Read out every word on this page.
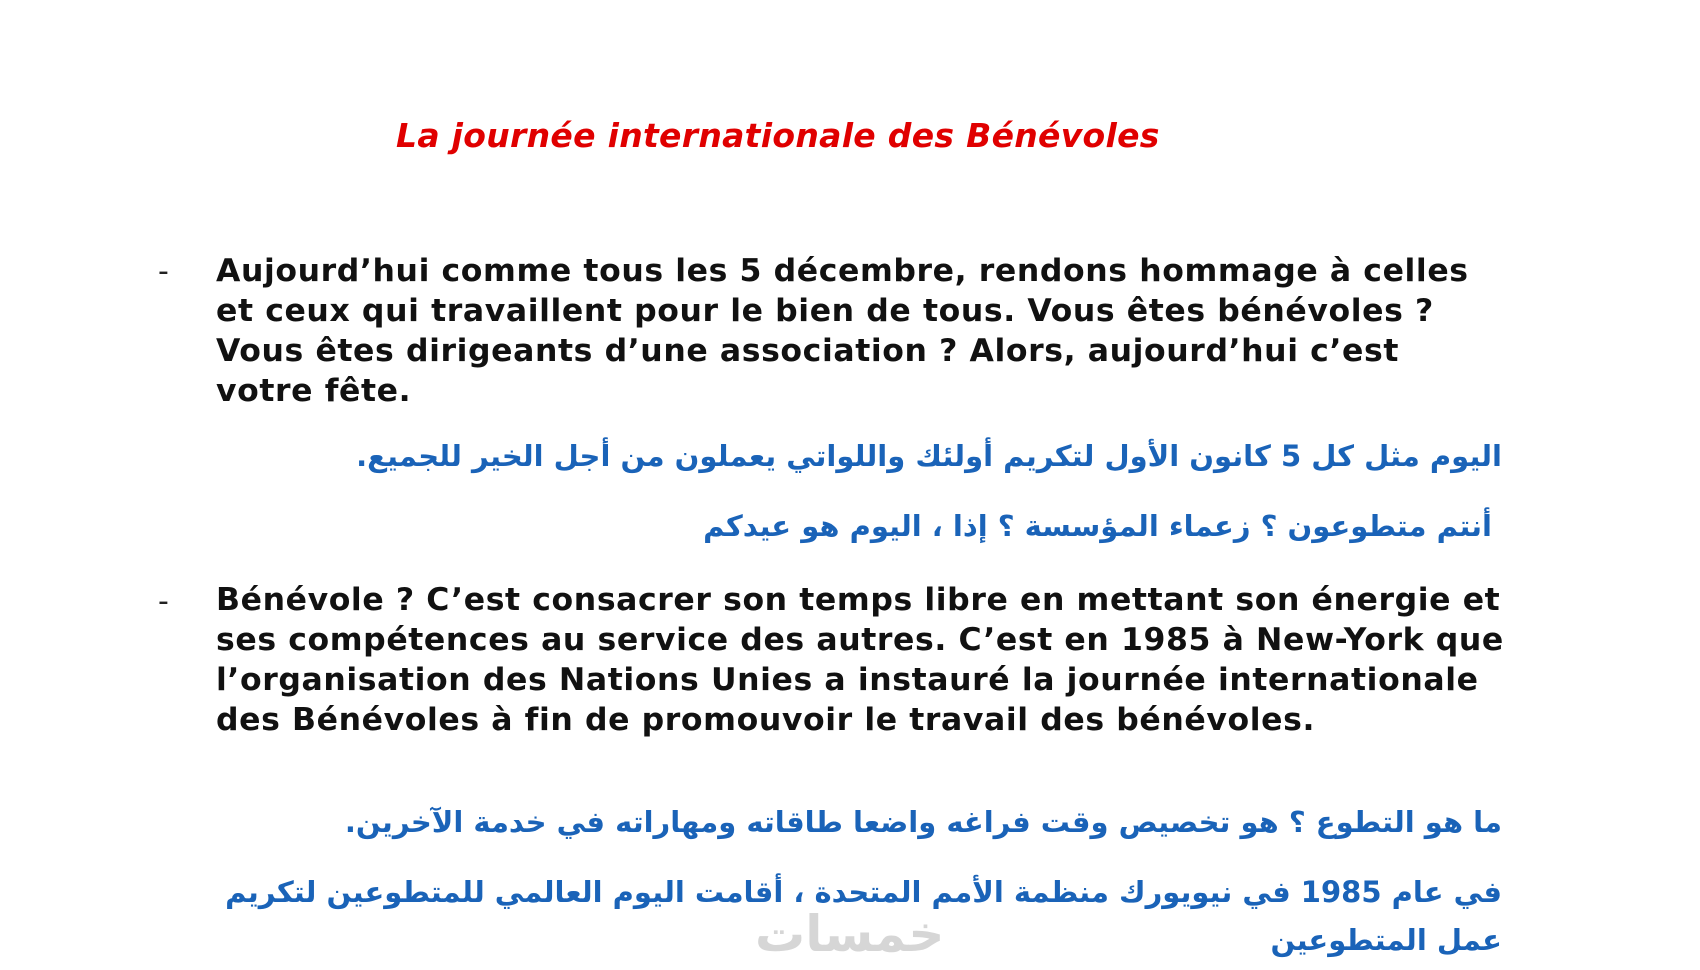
La journée internationale des Bénévoles
- Aujourd’hui comme tous les 5 décembre, rendons hommage à celles et ceux qui travaillent pour le bien de tous. Vous êtes bénévoles ? Vous êtes dirigeants d’une association ? Alors, aujourd’hui c’est votre fête.
اليوم مثل كل 5 كانون الأول لتكريم أولئك واللواتي يعملون من أجل الخير للجميع.
أنتم متطوعون ؟ زعماء المؤسسة ؟ إذا ، اليوم هو عيدكم
- Bénévole ? C’est consacrer son temps libre en mettant son énergie et ses compétences au service des autres. C’est en 1985 à New-York que l’organisation des Nations Unies a instauré la journée internationale des Bénévoles à fin de promouvoir le travail des bénévoles.
ما هو التطوع ؟ هو تخصيص وقت فراغه واضعا طاقاته ومهاراته في خدمة الآخرين.
في عام 1985 في نيويورك منظمة الأمم المتحدة ، أقامت اليوم العالمي للمتطوعين لتكريم عمل المتطوعين
خمسات
